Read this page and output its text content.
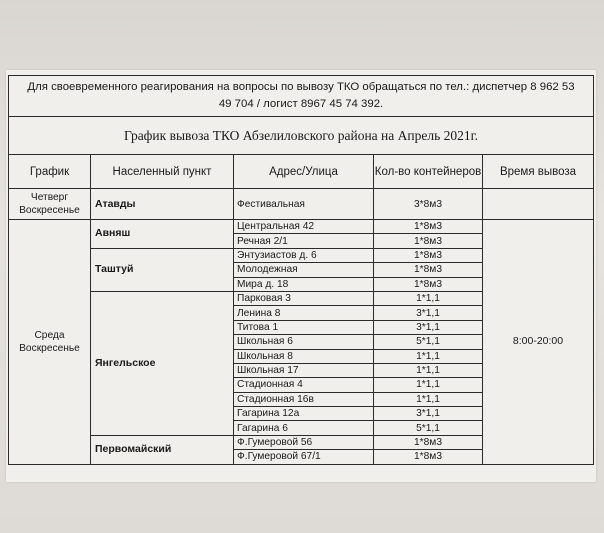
Для своевременного реагирования на вопросы по вывозу ТКО обращаться по тел.: диспетчер 8 962 53
49 704 / логист 8967 45 74 392.				
График вывоза ТКО Абзелиловского района на Апрель 2021г.				
График	Населенный пункт	Адрес/Улица	Кол-во контейнеров	Время вывоза
Четверг
Воскресенье	Атавды	Фестивальная	3*8м3	
Среда
Воскресенье	Авняш	Центральная 42	1*8м3	8:00-20:00
		Речная 2/1	1*8м3	
	Таштуй	Энтузиастов д. 6	1*8м3	
		Молодежная	1*8м3	
		Мира д. 18	1*8м3	
	Янгельское	Парковая 3	1*1,1	
		Ленина 8	3*1,1	
		Титова 1	3*1,1	
		Школьная 6	5*1,1	
		Школьная 8	1*1,1	
		Школьная 17	1*1,1	
		Стадионная 4	1*1,1	
		Стадионная 16в	1*1,1	
		Гагарина 12а	3*1,1	
		Гагарина 6	5*1,1	
	Первомайский	Ф.Гумеровой 56	1*8м3	
		Ф.Гумеровой 67/1	1*8м3	
